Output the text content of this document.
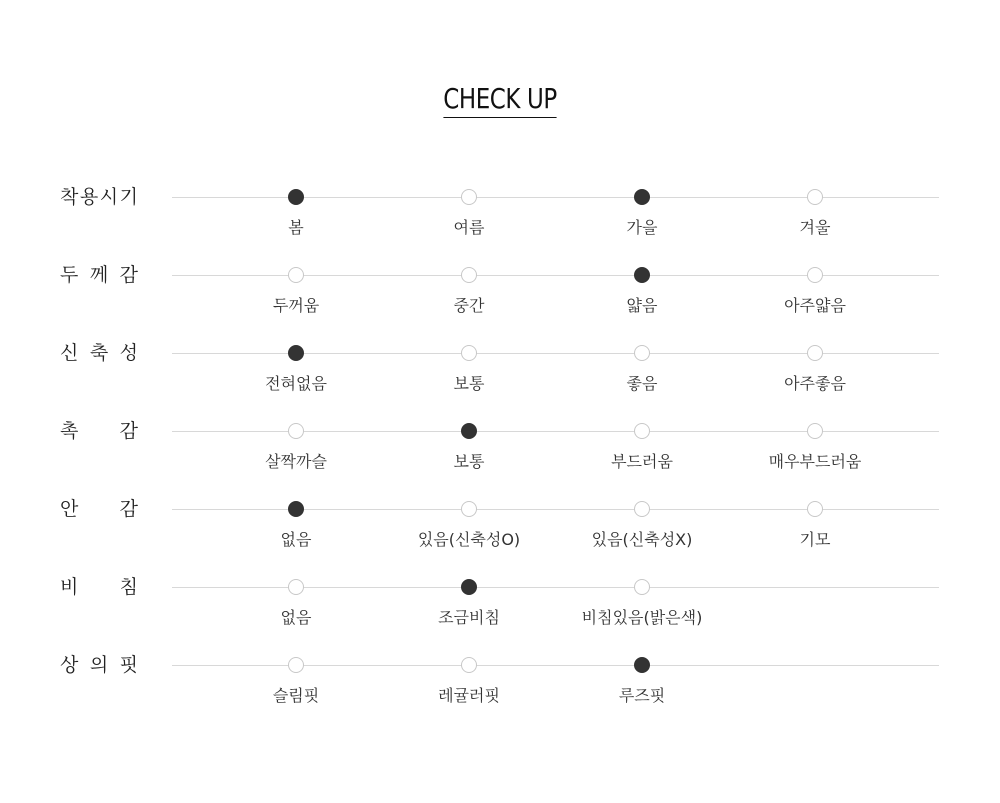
CHECK UP
착 용 시 기
봄	여름	가을	겨울
두 께 감
두꺼움	중간	얇음	아주얇음
신 축 성
전혀없음	보통	좋음	아주좋음
촉 감
살짝까슬	보통	부드러움	매우부드러움
안 감
없음	있음(신축성O)	있음(신축성X)	기모
비 침
없음	조금비침	비침있음(밝은색)
상 의 핏
슬림핏	레귤러핏	루즈핏
